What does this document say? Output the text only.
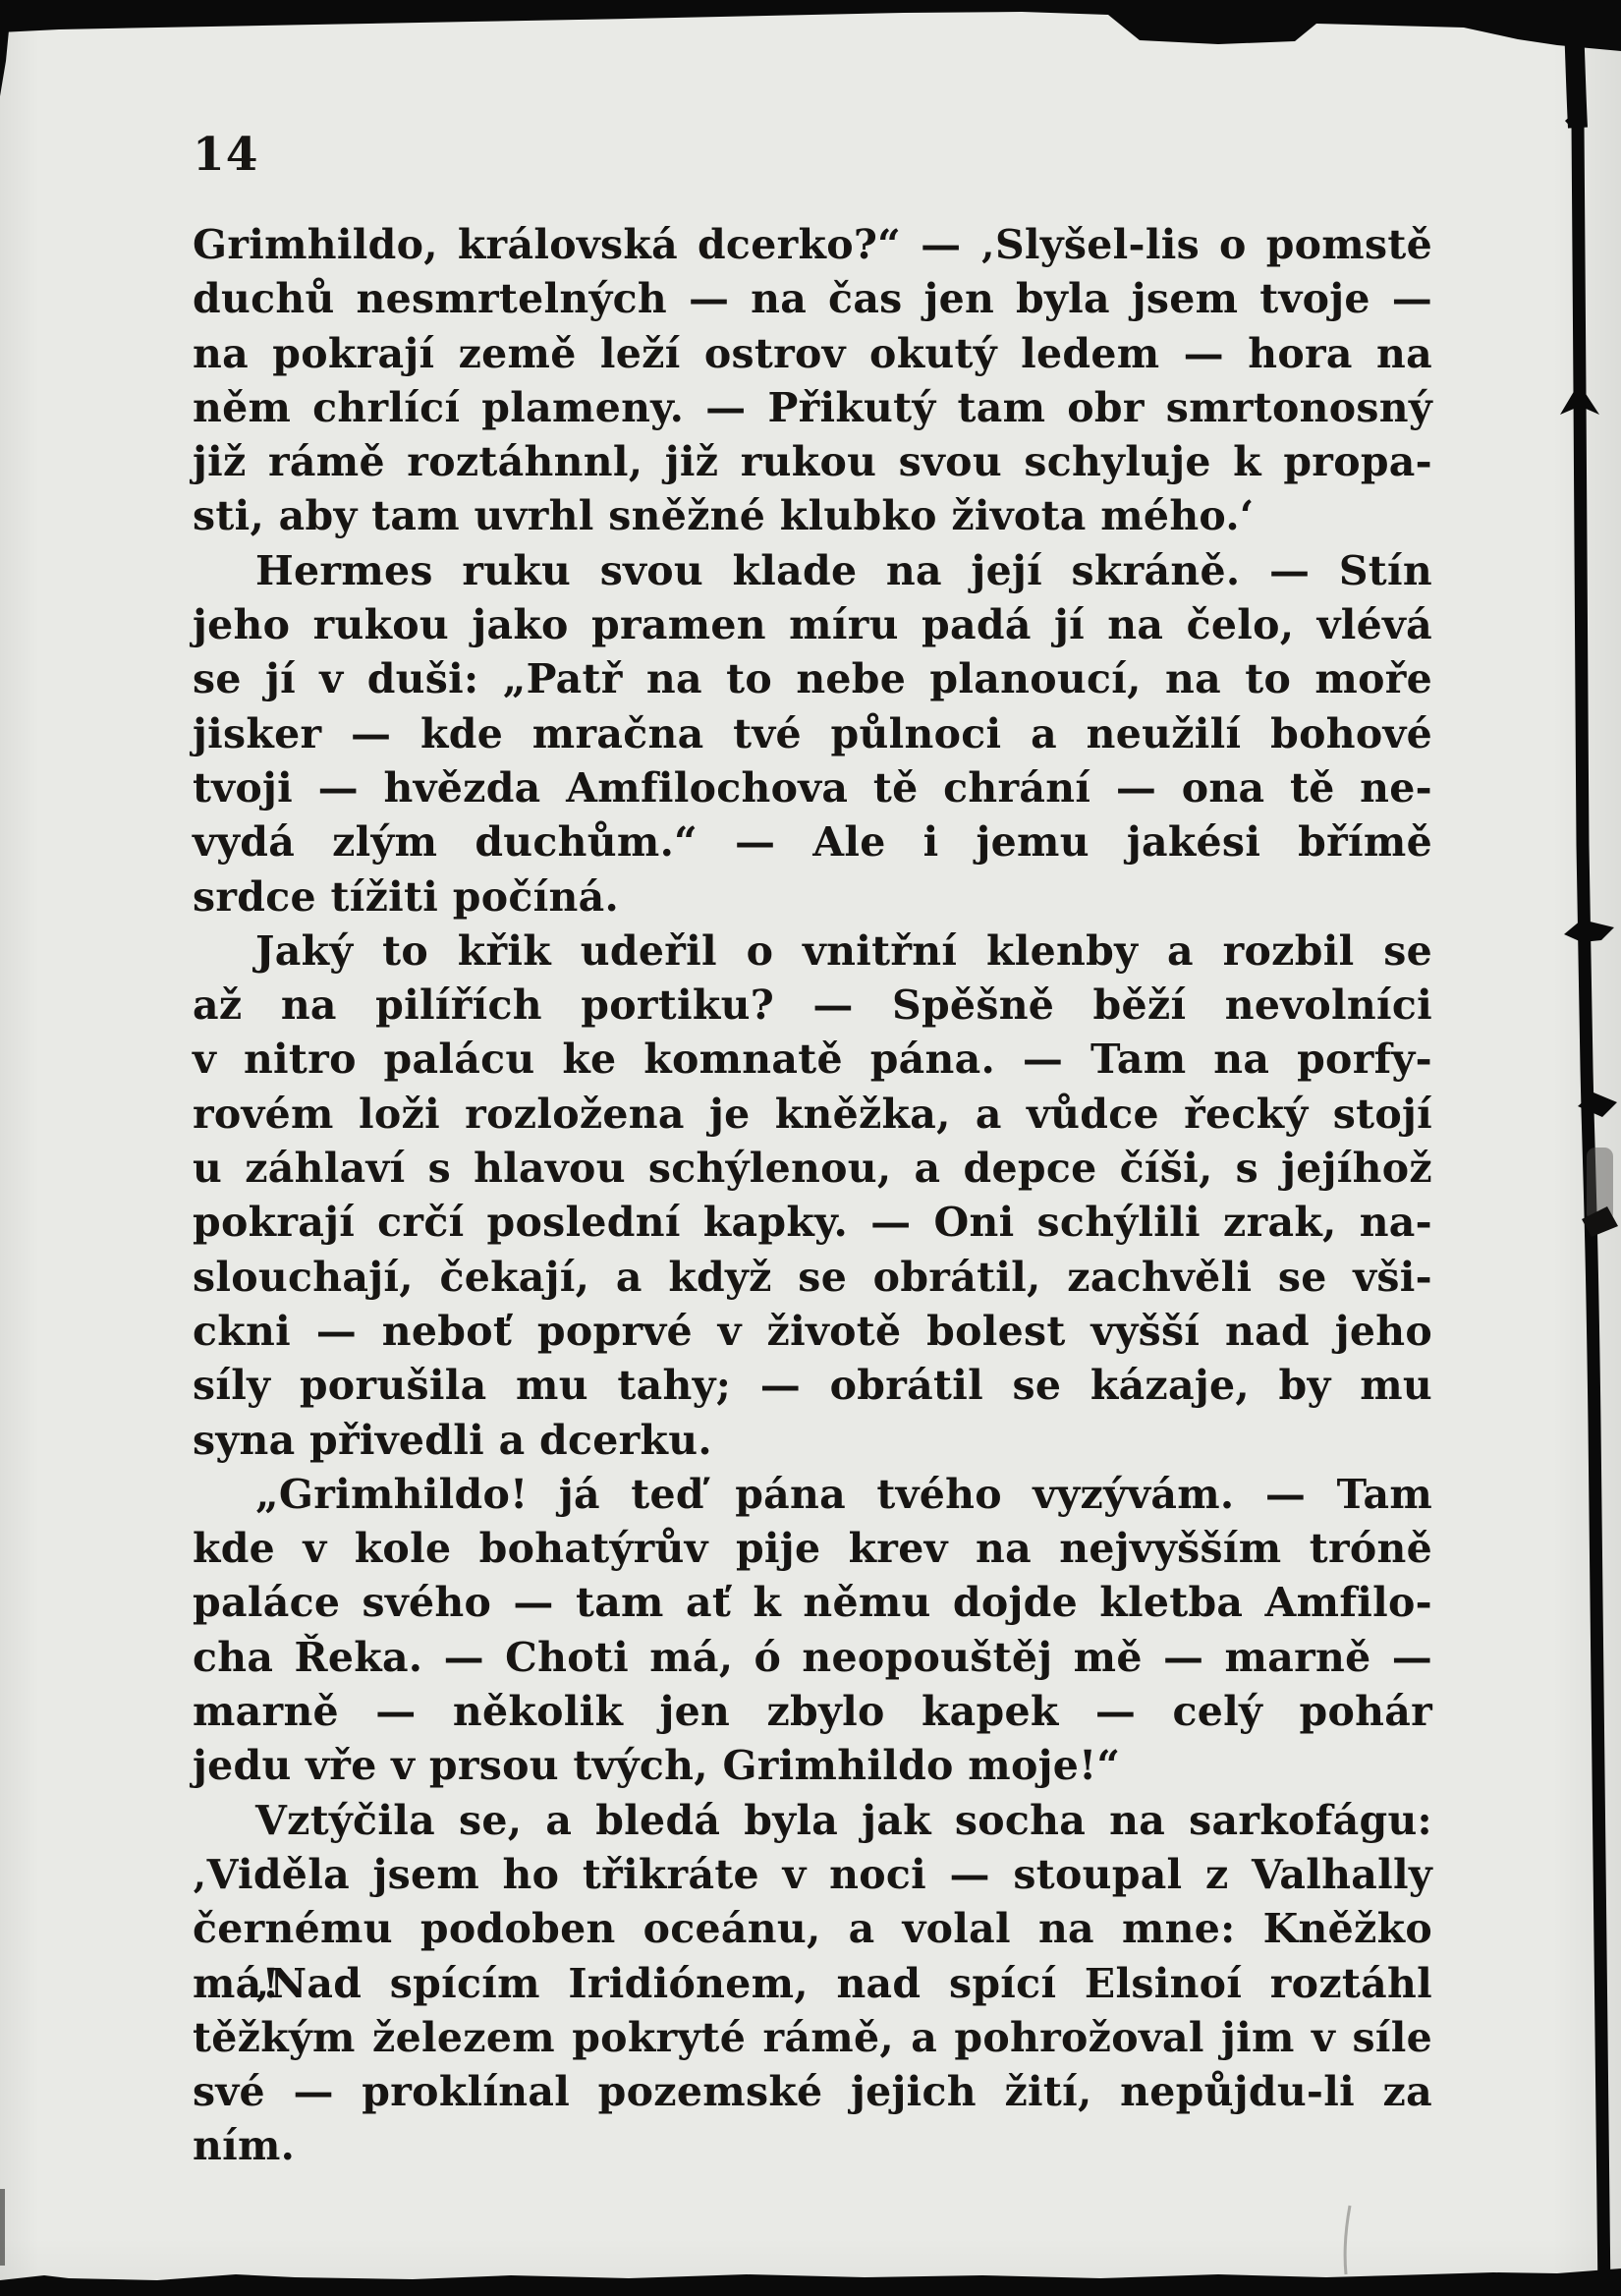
14
Grimhildo, královská dcerko?“ — ‚Slyšel-lis o pomstě
duchů nesmrtelných — na čas jen byla jsem tvoje —
na pokrají země leží ostrov okutý ledem — hora na
něm chrlící plameny. — Přikutý tam obr smrtonosný
již rámě roztáhnnl, již rukou svou schyluje k propa-
sti, aby tam uvrhl sněžné klubko života mého.‘
Hermes ruku svou klade na její skráně. — Stín
jeho rukou jako pramen míru padá jí na čelo, vlévá
se jí v duši: „Patř na to nebe planoucí, na to moře
jisker — kde mračna tvé půlnoci a neužilí bohové
tvoji — hvězda Amfilochova tě chrání — ona tě ne-
vydá zlým duchům.“ — Ale i jemu jakési břímě
srdce tížiti počíná.
Jaký to křik udeřil o vnitřní klenby a rozbil se
až na pilířích portiku? — Spěšně běží nevolníci
v nitro palácu ke komnatě pána. — Tam na porfy-
rovém loži rozložena je kněžka, a vůdce řecký stojí
u záhlaví s hlavou schýlenou, a depce číši, s jejíhož
pokrají crčí poslední kapky. — Oni schýlili zrak, na-
slouchají, čekají, a když se obrátil, zachvěli se vši-
ckni — neboť poprvé v životě bolest vyšší nad jeho
síly porušila mu tahy; — obrátil se kázaje, by mu
syna přivedli a dcerku.
„Grimhildo! já teď pána tvého vyzývám. — Tam
kde v kole bohatýrův pije krev na nejvyšším tróně
paláce svého — tam ať k němu dojde kletba Amfilo-
cha Řeka. — Choti má, ó neopouštěj mě — marně —
marně — několik jen zbylo kapek — celý pohár
jedu vře v prsou tvých, Grimhildo moje!“
Vztýčila se, a bledá byla jak socha na sarkofágu:
‚Viděla jsem ho třikráte v noci — stoupal z Valhally
černému podoben oceánu, a volal na mne: Kněžko má!
‚Nad spícím Iridiónem, nad spící Elsinoí roztáhl
těžkým železem pokryté rámě, a pohrožoval jim v síle
své — proklínal pozemské jejich žití, nepůjdu-li za ním.
